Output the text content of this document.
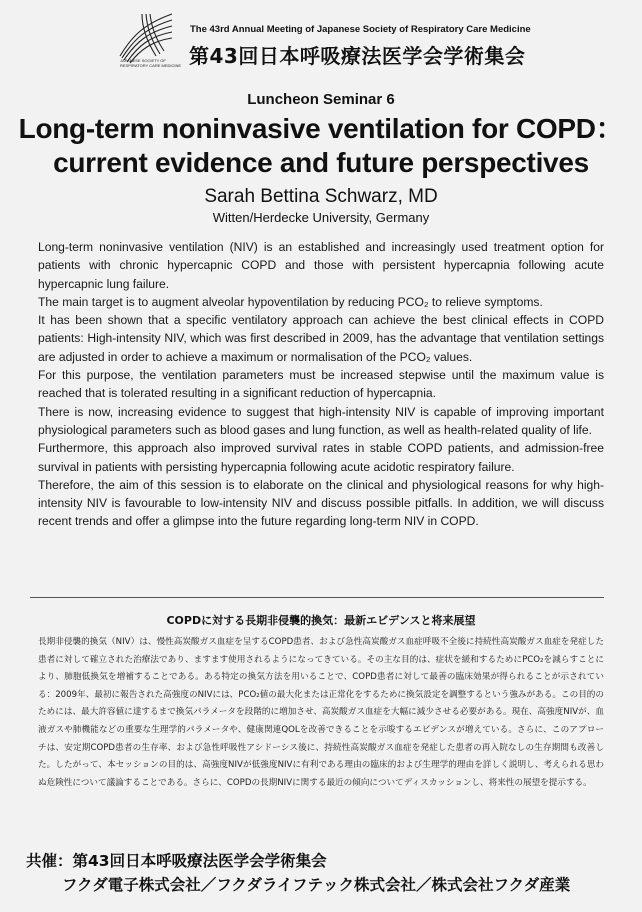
JAPANESE SOCIETY OF RESPIRATORY CARE MEDICINE
The 43rd Annual Meeting of Japanese Society of Respiratory Care Medicine
第43回日本呼吸療法医学会学術集会
Luncheon Seminar 6
Long-term noninvasive ventilation for COPD：
current evidence and future perspectives
Sarah Bettina Schwarz, MD
Witten/Herdecke University, Germany

Long-term noninvasive ventilation (NIV) is an established and increasingly used treatment option for patients with chronic hypercapnic COPD and those with persistent hypercapnia following acute hypercapnic lung failure.

The main target is to augment alveolar hypoventilation by reducing PCO₂ to relieve symptoms.

It has been shown that a specific ventilatory approach can achieve the best clinical effects in COPD patients: High-intensity NIV, which was first described in 2009, has the advantage that ventilation settings are adjusted in order to achieve a maximum or normalisation of the PCO₂ values.

For this purpose, the ventilation parameters must be increased stepwise until the maximum value is reached that is tolerated resulting in a significant reduction of hypercapnia.

There is now, increasing evidence to suggest that high-intensity NIV is capable of improving important physiological parameters such as blood gases and lung function, as well as health-related quality of life.

Furthermore, this approach also improved survival rates in stable COPD patients, and admission-free survival in patients with persisting hypercapnia following acute acidotic respiratory failure.

Therefore, the aim of this session is to elaborate on the clinical and physiological reasons for why high-intensity NIV is favourable to low-intensity NIV and discuss possible pitfalls. In addition, we will discuss recent trends and offer a glimpse into the future regarding long-term NIV in COPD.

COPDに対する長期非侵襲的換気：最新エビデンスと将来展望
長期非侵襲的換気（NIV）は、慢性高炭酸ガス血症を呈するCOPD患者、および急性高炭酸ガス血症呼吸不全後に持続性高炭酸ガス血症を発症した患者に対して確立された治療法であり、ますます使用されるようになってきている。その主な目的は、症状を緩和するためにPCO₂を減らすことにより、肺胞低換気を増補することである。ある特定の換気方法を用いることで、COPD患者に対して最善の臨床効果が得られることが示されている：2009年、最初に報告された高強度のNIVには、PCO₂値の最大化または正常化をするために換気設定を調整するという強みがある。この目的のためには、最大許容値に達するまで換気パラメータを段階的に増加させ、高炭酸ガス血症を大幅に減少させる必要がある。現在、高強度NIVが、血液ガスや肺機能などの重要な生理学的パラメータや、健康関連QOLを改善できることを示唆するエビデンスが増えている。さらに、このアプローチは、安定期COPD患者の生存率、および急性呼吸性アシドーシス後に、持続性高炭酸ガス血症を発症した患者の再入院なしの生存期間も改善した。したがって、本セッションの目的は、高強度NIVが低強度NIVに有利である理由の臨床的および生理学的理由を詳しく説明し、考えられる思わぬ危険性について議論することである。さらに、COPDの長期NIVに関する最近の傾向についてディスカッションし、将来性の展望を提示する。
共催：第43回日本呼吸療法医学会学術集会
フクダ電子株式会社／フクダライフテック株式会社／株式会社フクダ産業
